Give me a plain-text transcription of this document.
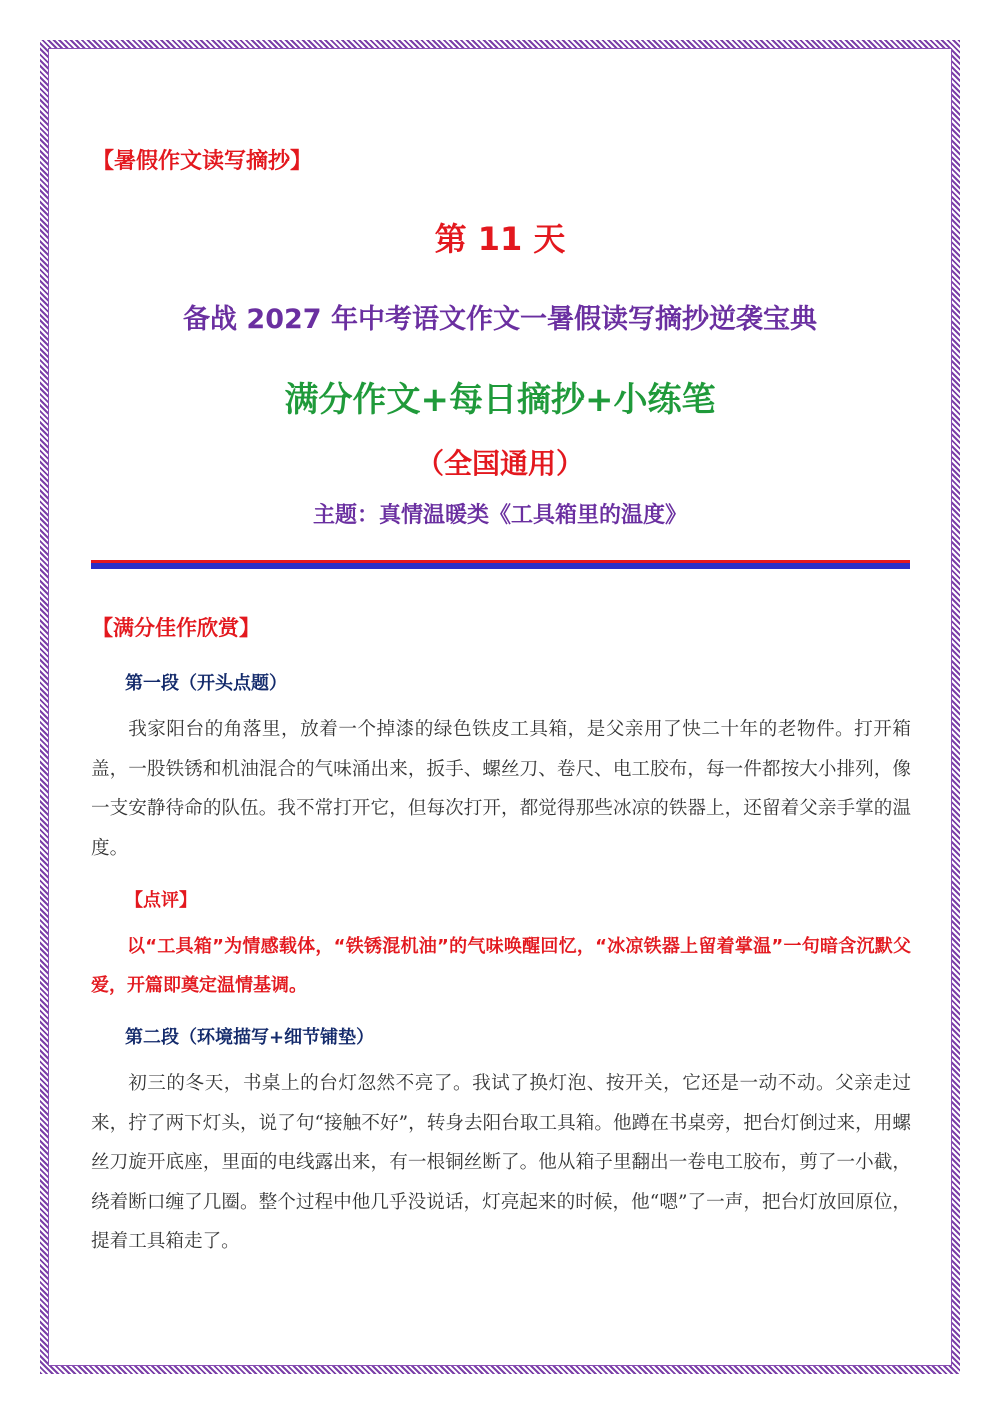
【暑假作文读写摘抄】
第 11 天
备战 2027 年中考语文作文一暑假读写摘抄逆袭宝典
满分作文+每日摘抄+小练笔
（全国通用）
主题：真情温暖类《工具箱里的温度》
【满分佳作欣赏】
第一段（开头点题）

我家阳台的角落里，放着一个掉漆的绿色铁皮工具箱，是父亲用了快二十年的老物件。打开箱盖，一股铁锈和机油混合的气味涌出来，扳手、螺丝刀、卷尺、电工胶布，每一件都按大小排列，像一支安静待命的队伍。我不常打开它，但每次打开，都觉得那些冰凉的铁器上，还留着父亲手掌的温度。

【点评】

以“工具箱”为情感载体，“铁锈混机油”的气味唤醒回忆，“冰凉铁器上留着掌温”一句暗含沉默父爱，开篇即奠定温情基调。

第二段（环境描写+细节铺垫）

初三的冬天，书桌上的台灯忽然不亮了。我试了换灯泡、按开关，它还是一动不动。父亲走过来，拧了两下灯头，说了句“接触不好”，转身去阳台取工具箱。他蹲在书桌旁，把台灯倒过来，用螺丝刀旋开底座，里面的电线露出来，有一根铜丝断了。他从箱子里翻出一卷电工胶布，剪了一小截，绕着断口缠了几圈。整个过程中他几乎没说话，灯亮起来的时候，他“嗯”了一声，把台灯放回原位，提着工具箱走了。
